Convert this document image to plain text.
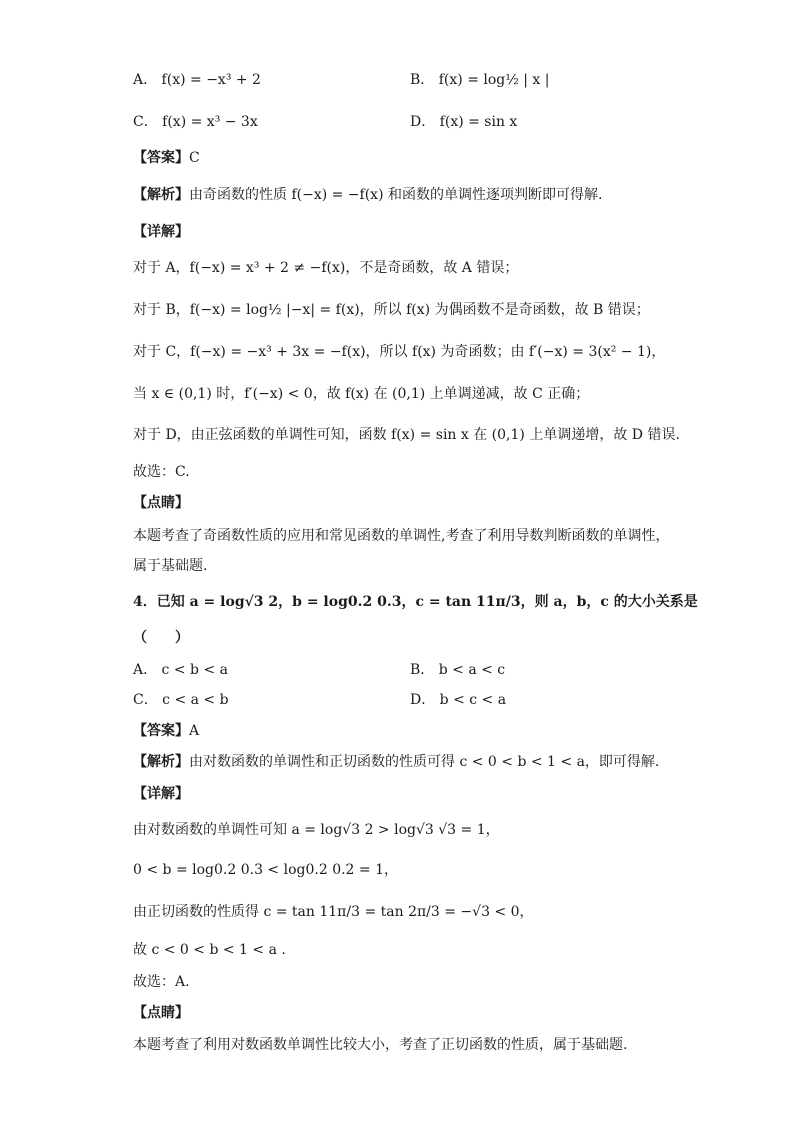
A． f(x) = −x³ + 2	B． f(x) = log½ | x |
C． f(x) = x³ − 3x	D． f(x) = sin x
【答案】C
【解析】由奇函数的性质 f(−x) = −f(x) 和函数的单调性逐项判断即可得解.
【详解】
对于 A，f(−x) = x³ + 2 ≠ −f(x)，不是奇函数，故 A 错误；
对于 B，f(−x) = log½ |−x| = f(x)，所以 f(x) 为偶函数不是奇函数，故 B 错误；
对于 C，f(−x) = −x³ + 3x = −f(x)，所以 f(x) 为奇函数；由 f′(−x) = 3(x² − 1)，
当 x ∈ (0,1) 时，f′(−x) < 0，故 f(x) 在 (0,1) 上单调递减，故 C 正确；
对于 D，由正弦函数的单调性可知，函数 f(x) = sin x 在 (0,1) 上单调递增，故 D 错误.
故选：C.
【点睛】
本题考查了奇函数性质的应用和常见函数的单调性,考查了利用导数判断函数的单调性，
属于基础题.
4．已知 a = log√3 2，b = log0.2 0.3，c = tan 11π/3，则 a，b，c 的大小关系是
（　　）
A． c < b < a	B． b < a < c
C． c < a < b	D． b < c < a
【答案】A
【解析】由对数函数的单调性和正切函数的性质可得 c < 0 < b < 1 < a，即可得解.
【详解】
由对数函数的单调性可知 a = log√3 2 > log√3 √3 = 1，
0 < b = log0.2 0.3 < log0.2 0.2 = 1，
由正切函数的性质得 c = tan 11π/3 = tan 2π/3 = −√3 < 0，
故 c < 0 < b < 1 < a .
故选：A.
【点睛】
本题考查了利用对数函数单调性比较大小，考查了正切函数的性质，属于基础题.
